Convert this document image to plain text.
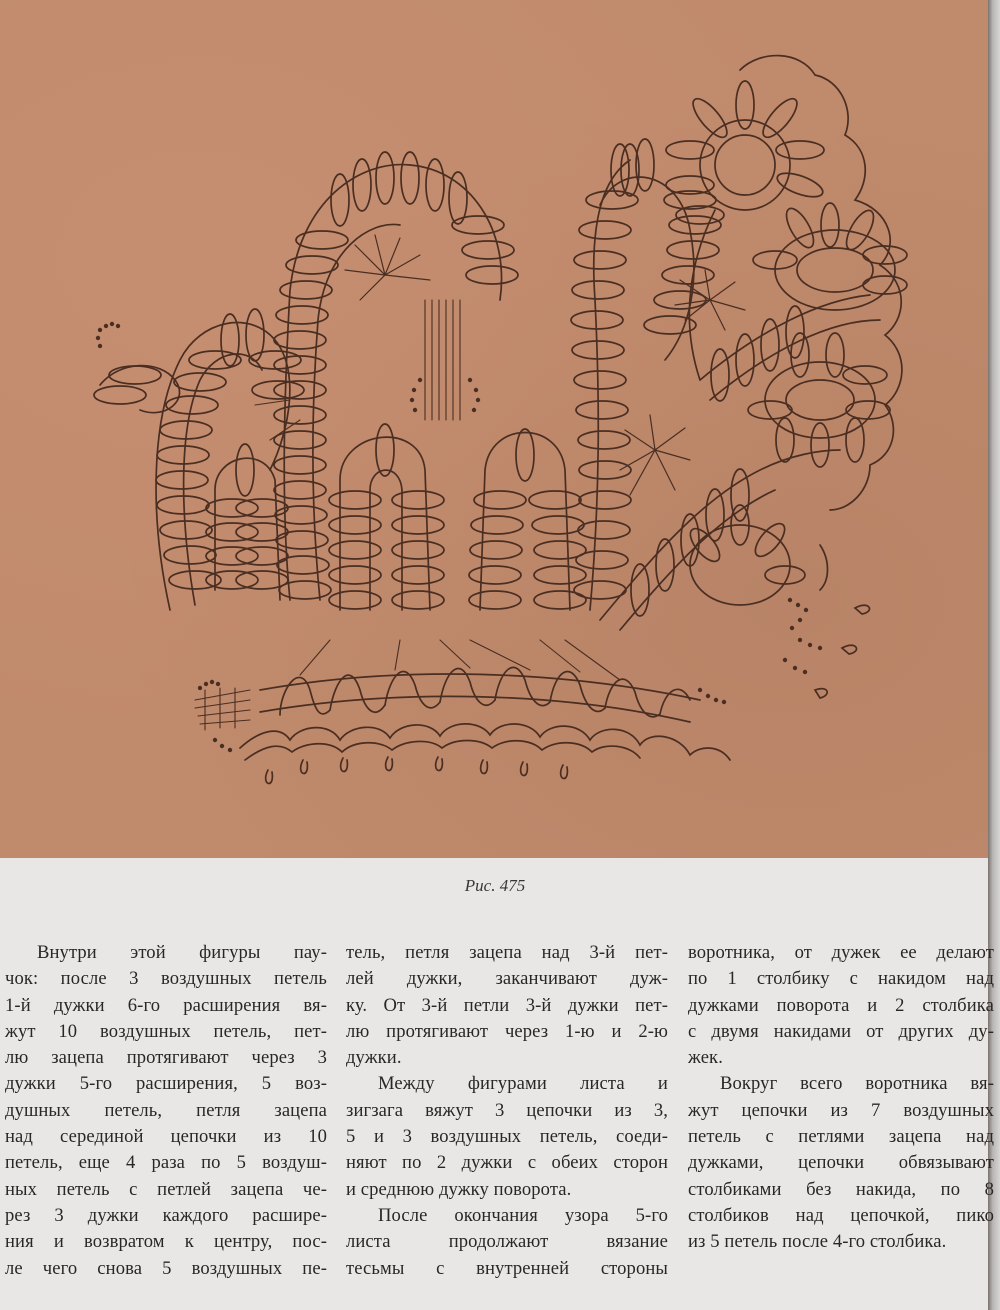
Рис. 475
Внутри этой фигуры пау-
чок: после 3 воздушных петель
1-й дужки 6-го расширения вя-
жут 10 воздушных петель, пет-
лю зацепа протягивают через 3
дужки 5-го расширения, 5 воз-
душных петель, петля зацепа
над серединой цепочки из 10
петель, еще 4 раза по 5 воздуш-
ных петель с петлей зацепа че-
рез 3 дужки каждого расшире-
ния и возвратом к центру, пос-
ле чего снова 5 воздушных пе-
тель, петля зацепа над 3-й пет-
лей дужки, заканчивают дуж-
ку. От 3-й петли 3-й дужки пет-
лю протягивают через 1-ю и 2-ю
дужки.
Между фигурами листа и
зигзага вяжут 3 цепочки из 3,
5 и 3 воздушных петель, соеди-
няют по 2 дужки с обеих сторон
и среднюю дужку поворота.
После окончания узора 5-го
листа продолжают вязание
тесьмы с внутренней стороны
воротника, от дужек ее делают
по 1 столбику с накидом над
дужками поворота и 2 столбика
с двумя накидами от других ду-
жек.
Вокруг всего воротника вя-
жут цепочки из 7 воздушных
петель с петлями зацепа над
дужками, цепочки обвязывают
столбиками без накида, по 8
столбиков над цепочкой, пико
из 5 петель после 4-го столбика.
